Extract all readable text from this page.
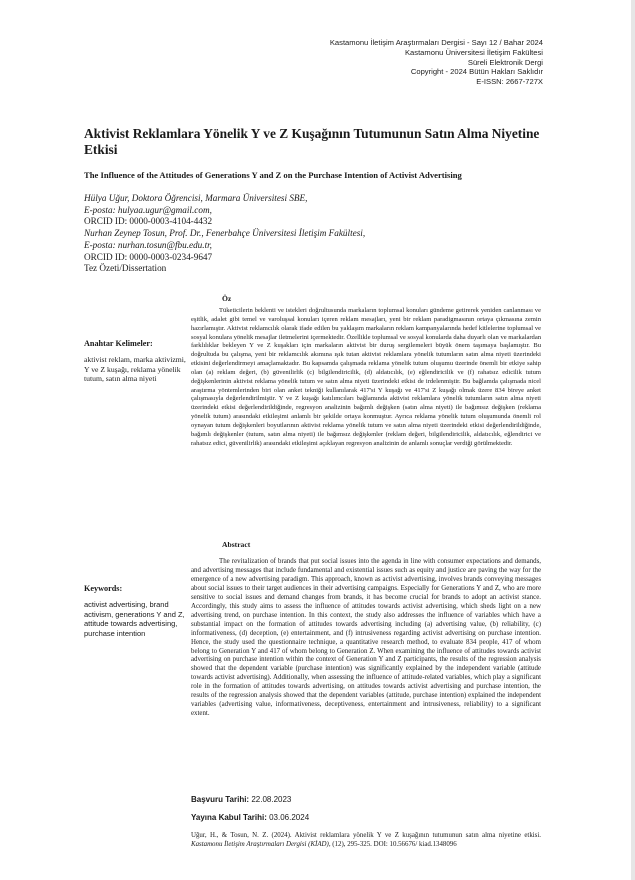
Kastamonu İletişim Araştırmaları Dergisi - Sayı 12 / Bahar 2024
Kastamonu Üniversitesi İletişim Fakültesi
Süreli Elektronik Dergi
Copyright - 2024 Bütün Hakları Saklıdır
E-ISSN: 2667-727X
Aktivist Reklamlara Yönelik Y ve Z Kuşağının Tutumunun Satın Alma Niyetine Etkisi
The Influence of the Attitudes of Generations Y and Z on the Purchase Intention of Activist Advertising
Hülya Uğur, Doktora Öğrencisi, Marmara Üniversitesi SBE,
E-posta: hulyaa.ugur@gmail.com,
ORCID ID: 0000-0003-4104-4432
Nurhan Zeynep Tosun, Prof. Dr., Fenerbahçe Üniversitesi İletişim Fakültesi,
E-posta: nurhan.tosun@fbu.edu.tr,
ORCID ID: 0000-0003-0234-9647
Tez Özeti/Dissertation
Öz

Tüketicilerin beklenti ve istekleri doğrultusunda markaların toplumsal konuları gündeme getirerek yeniden canlanması ve eşitlik, adalet gibi temel ve varoluşsal konuları içeren reklam mesajları, yeni bir reklam paradigmasının ortaya çıkmasına zemin hazırlamıştır. Aktivist reklamcılık olarak ifade edilen bu yaklaşım markaların reklam kampanyalarında hedef kitlelerine toplumsal ve sosyal konulara yönelik mesajlar iletmelerini içermektedir. Özellikle toplumsal ve sosyal konularda daha duyarlı olan ve markalardan farklılıklar bekleyen Y ve Z kuşakları için markaların aktivist bir duruş sergilemeleri büyük önem taşımaya başlamıştır. Bu doğrultuda bu çalışma, yeni bir reklamcılık akımına ışık tutan aktivist reklamlara yönelik tutumların satın alma niyeti üzerindeki etkisini değerlendirmeyi amaçlamaktadır. Bu kapsamda çalışmada reklama yönelik tutum oluşumu üzerinde önemli bir etkiye sahip olan (a) reklam değeri, (b) güvenilirlik (c) bilgilendiricilik, (d) aldatıcılık, (e) eğlendiricilik ve (f) rahatsız edicilik tutum değişkenlerinin aktivist reklama yönelik tutum ve satın alma niyeti üzerindeki etkisi de irdelenmiştir. Bu bağlamda çalışmada nicel araştırma yöntemlerinden biri olan anket tekniği kullanılarak 417'si Y kuşağı ve 417'si Z kuşağı olmak üzere 834 bireye anket çalışmasıyla değerlendirilmiştir. Y ve Z kuşağı katılımcıları bağlamında aktivist reklamlara yönelik tutumların satın alma niyeti üzerindeki etkisi değerlendirildiğinde, regresyon analizinin bağımlı değişken (satın alma niyeti) ile bağımsız değişken (reklama yönelik tutum) arasındaki etkileşimi anlamlı bir şekilde ortaya konmuştur. Ayrıca reklama yönelik tutum oluşumunda önemli rol oynayan tutum değişkenleri boyutlarının aktivist reklama yönelik tutum ve satın alma niyeti üzerindeki etkisi değerlendirildiğinde, bağımlı değişkenler (tutum, satın alma niyeti) ile bağımsız değişkenler (reklam değeri, bilgilendiricilik, aldatıcılık, eğlendirici ve rahatsız edici, güvenilirlik) arasındaki etkileşimi açıklayan regresyon analizinin de anlamlı sonuçlar verdiği görülmektedir.

Anahtar Kelimeler:
aktivist reklam, marka aktivizmi, Y ve Z kuşağı, reklama yönelik tutum, satın alma niyeti
Abstract

The revitalization of brands that put social issues into the agenda in line with consumer expectations and demands, and advertising messages that include fundamental and existential issues such as equity and justice are paving the way for the emergence of a new advertising paradigm. This approach, known as activist advertising, involves brands conveying messages about social issues to their target audiences in their advertising campaigns. Especially for Generations Y and Z, who are more sensitive to social issues and demand changes from brands, it has become crucial for brands to adopt an activist stance. Accordingly, this study aims to assess the influence of attitudes towards activist advertising, which sheds light on a new advertising trend, on purchase intention. In this context, the study also addresses the influence of variables which have a substantial impact on the formation of attitudes towards advertising including (a) advertising value, (b) reliability, (c) informativeness, (d) deception, (e) entertainment, and (f) intrusiveness regarding activist advertising on purchase intention. Hence, the study used the questionnaire technique, a quantitative research method, to evaluate 834 people, 417 of whom belong to Generation Y and 417 of whom belong to Generation Z. When examining the influence of attitudes towards activist advertising on purchase intention within the context of Generation Y and Z participants, the results of the regression analysis showed that the dependent variable (purchase intention) was significantly explained by the independent variable (attitude towards activist advertising). Additionally, when assessing the influence of attitude-related variables, which play a significant role in the formation of attitudes towards advertising, on attitudes towards activist advertising and purchase intention, the results of the regression analysis showed that the dependent variables (attitude, purchase intention) explained the independent variables (advertising value, informativeness, deceptiveness, entertainment and intrusiveness, reliability) to a significant extent.

Keywords:
activist advertising, brand activism, generations Y and Z, attitude towards advertising, purchase intention
Başvuru Tarihi: 22.08.2023
Yayına Kabul Tarihi: 03.06.2024
Uğur, H., & Tosun, N. Z. (2024). Aktivist reklamlara yönelik Y ve Z kuşağının tutumunun satın alma niyetine etkisi. Kastamonu İletişim Araştırmaları Dergisi (KİAD), (12), 295-325. DOI: 10.56676/ kiad.1348096
